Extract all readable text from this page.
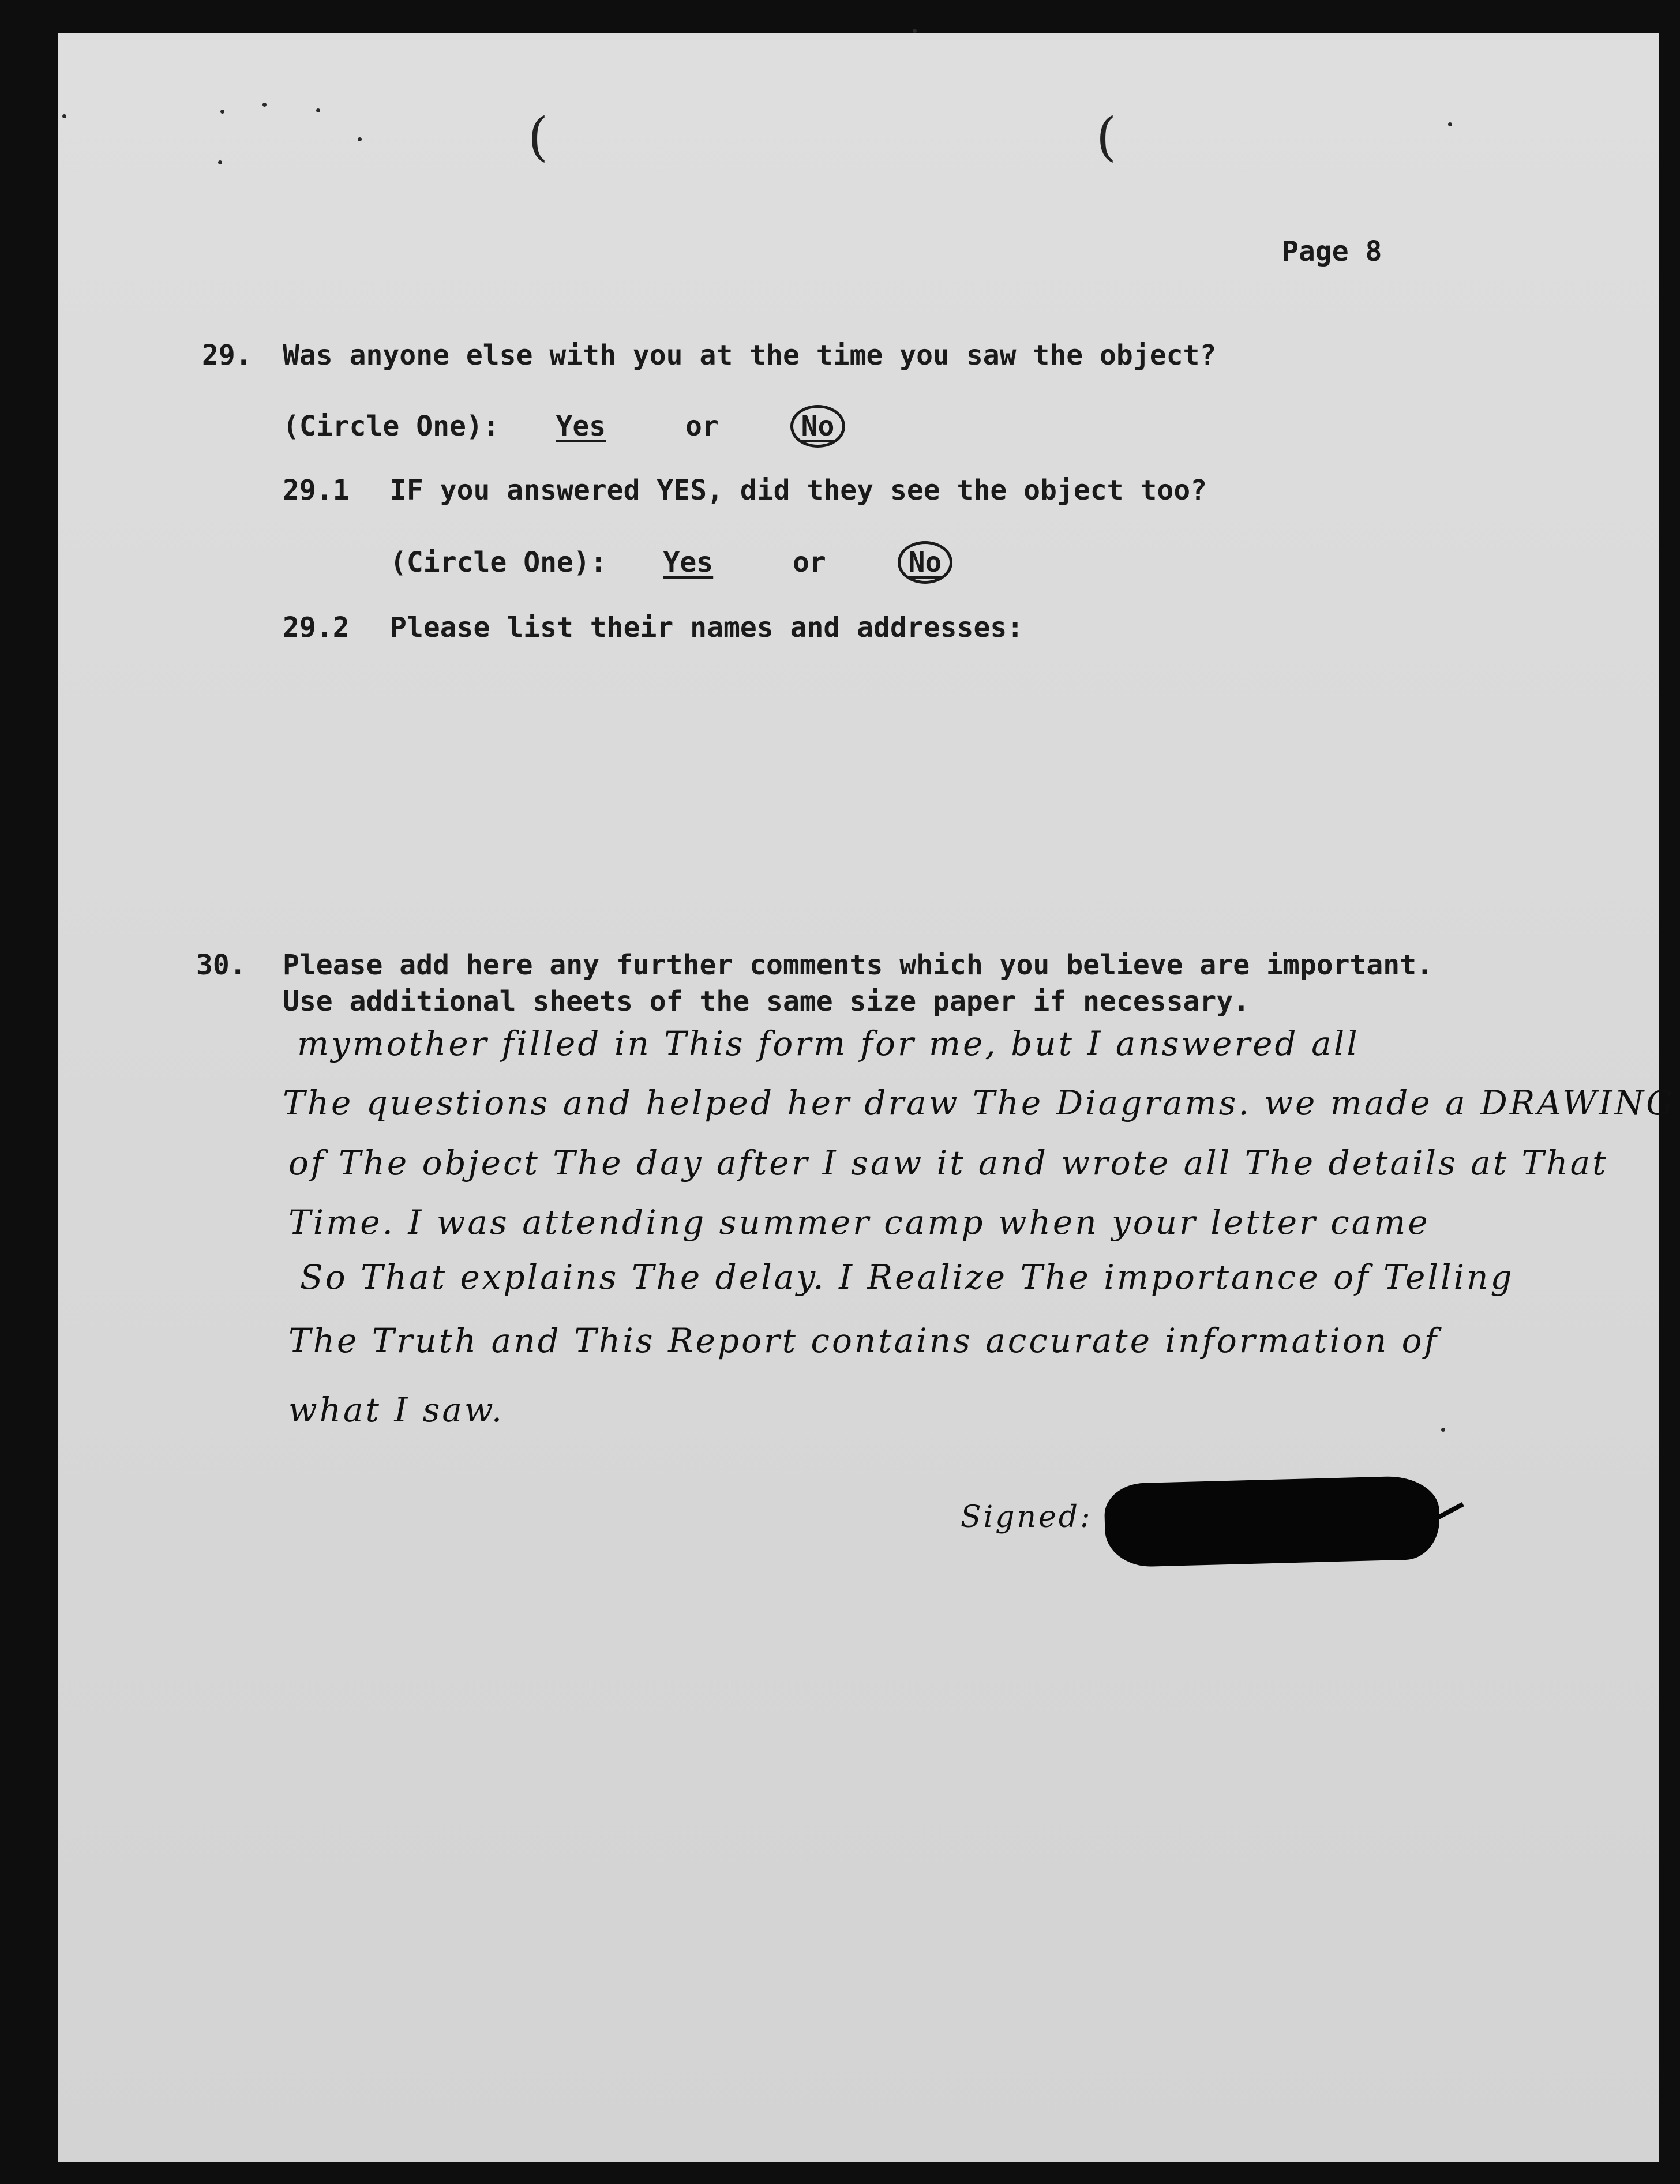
(	(
Page 8
29. Was anyone else with you at the time you saw the object?
(Circle One): Yes	or	No
29.1 IF you answered YES, did they see the object too?
(Circle One): Yes	or	No
29.2 Please list their names and addresses:
30. Please add here any further comments which you believe are important.
Use additional sheets of the same size paper if necessary.
mymother filled in This form for me, but I answered all
The questions and helped her draw The Diagrams. we made a DRAWING
of The object The day after I saw it and wrote all The details at That
Time. I was attending summer camp when your letter came
So That explains The delay. I Realize The importance of Telling
The Truth and This Report contains accurate information of
what I saw.
Signed:
